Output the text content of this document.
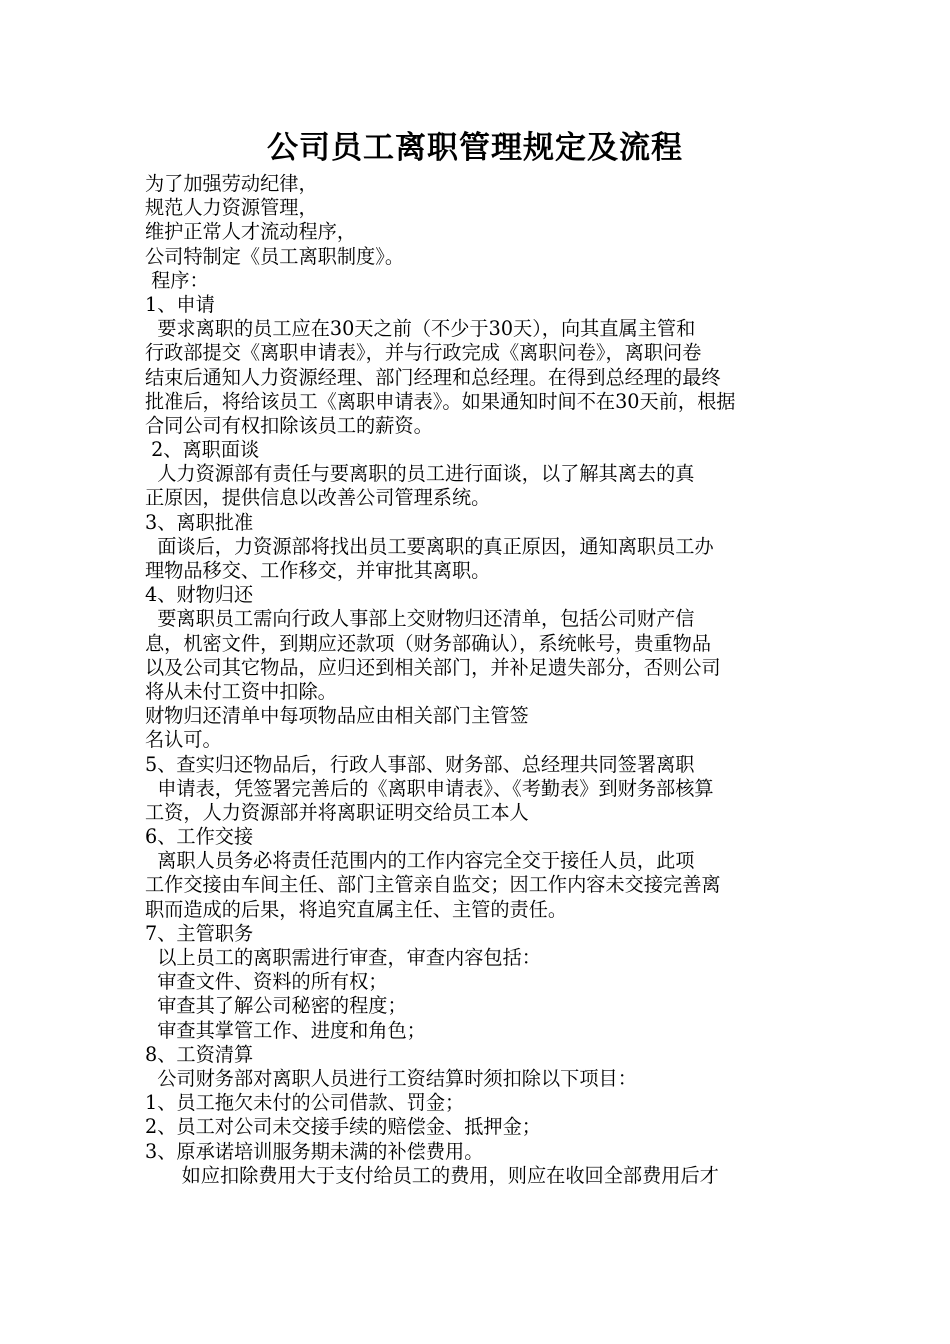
公司员工离职管理规定及流程
为了加强劳动纪律，
规范人力资源管理，
维护正常人才流动程序，
公司特制定《员工离职制度》。
程序：
1、申请
要求离职的员工应在30天之前（不少于30天），向其直属主管和
行政部提交《离职申请表》，并与行政完成《离职问卷》，离职问卷
结束后通知人力资源经理、部门经理和总经理。在得到总经理的最终
批准后，将给该员工《离职申请表》。如果通知时间不在30天前，根据
合同公司有权扣除该员工的薪资。
2、离职面谈
人力资源部有责任与要离职的员工进行面谈，以了解其离去的真
正原因，提供信息以改善公司管理系统。
3、离职批准
面谈后，力资源部将找出员工要离职的真正原因，通知离职员工办
理物品移交、工作移交，并审批其离职。
4、财物归还
要离职员工需向行政人事部上交财物归还清单，包括公司财产信
息，机密文件，到期应还款项（财务部确认），系统帐号，贵重物品
以及公司其它物品，应归还到相关部门，并补足遗失部分，否则公司
将从未付工资中扣除。
财物归还清单中每项物品应由相关部门主管签
名认可。
5、查实归还物品后，行政人事部、财务部、总经理共同签署离职
申请表，凭签署完善后的《离职申请表》、《考勤表》到财务部核算
工资，人力资源部并将离职证明交给员工本人
6、工作交接
离职人员务必将责任范围内的工作内容完全交于接任人员，此项
工作交接由车间主任、部门主管亲自监交；因工作内容未交接完善离
职而造成的后果，将追究直属主任、主管的责任。
7、主管职务
以上员工的离职需进行审查，审查内容包括：
审查文件、资料的所有权；
审查其了解公司秘密的程度；
审查其掌管工作、进度和角色；
8、工资清算
公司财务部对离职人员进行工资结算时须扣除以下项目：
1、员工拖欠未付的公司借款、罚金；
2、员工对公司未交接手续的赔偿金、抵押金；
3、原承诺培训服务期未满的补偿费用。
如应扣除费用大于支付给员工的费用，则应在收回全部费用后才
